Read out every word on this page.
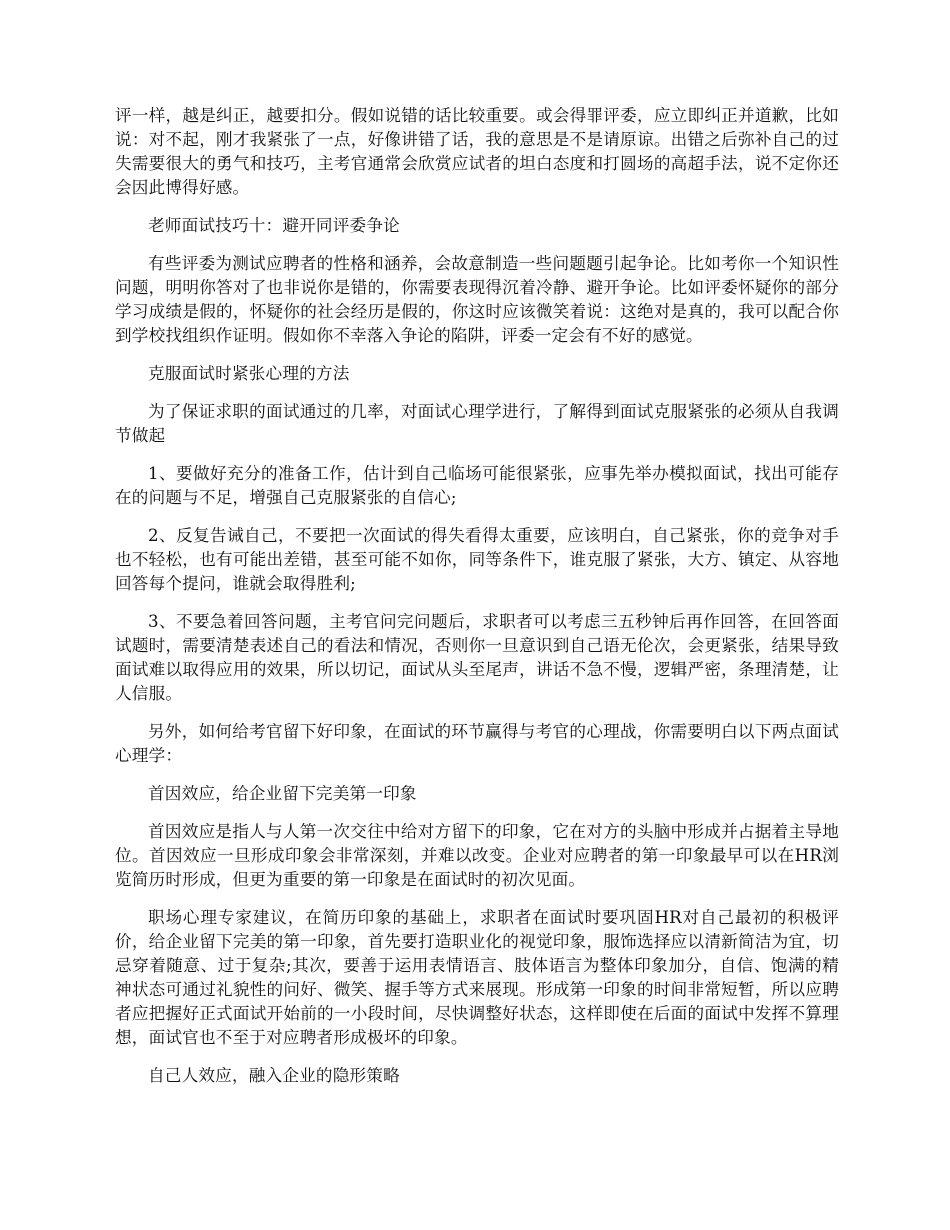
评一样，越是纠正，越要扣分。假如说错的话比较重要。或会得罪评委，应立即纠正并道歉，比如说：对不起，刚才我紧张了一点，好像讲错了话，我的意思是不是请原谅。出错之后弥补自己的过失需要很大的勇气和技巧，主考官通常会欣赏应试者的坦白态度和打圆场的高超手法，说不定你还会因此博得好感。

老师面试技巧十：避开同评委争论

有些评委为测试应聘者的性格和涵养，会故意制造一些问题题引起争论。比如考你一个知识性问题，明明你答对了也非说你是错的，你需要表现得沉着冷静、避开争论。比如评委怀疑你的部分学习成绩是假的，怀疑你的社会经历是假的，你这时应该微笑着说：这绝对是真的，我可以配合你到学校找组织作证明。假如你不幸落入争论的陷阱，评委一定会有不好的感觉。

克服面试时紧张心理的方法

为了保证求职的面试通过的几率，对面试心理学进行，了解得到面试克服紧张的必须从自我调节做起

1、要做好充分的准备工作，估计到自己临场可能很紧张，应事先举办模拟面试，找出可能存在的问题与不足，增强自己克服紧张的自信心;

2、反复告诫自己，不要把一次面试的得失看得太重要，应该明白，自己紧张，你的竞争对手也不轻松，也有可能出差错，甚至可能不如你，同等条件下，谁克服了紧张，大方、镇定、从容地回答每个提问，谁就会取得胜利;

3、不要急着回答问题，主考官问完问题后，求职者可以考虑三五秒钟后再作回答，在回答面试题时，需要清楚表述自己的看法和情况，否则你一旦意识到自己语无伦次，会更紧张，结果导致面试难以取得应用的效果，所以切记，面试从头至尾声，讲话不急不慢，逻辑严密，条理清楚，让人信服。

另外，如何给考官留下好印象，在面试的环节赢得与考官的心理战，你需要明白以下两点面试心理学：

首因效应，给企业留下完美第一印象

首因效应是指人与人第一次交往中给对方留下的印象，它在对方的头脑中形成并占据着主导地位。首因效应一旦形成印象会非常深刻，并难以改变。企业对应聘者的第一印象最早可以在HR浏览简历时形成，但更为重要的第一印象是在面试时的初次见面。

职场心理专家建议，在简历印象的基础上，求职者在面试时要巩固HR对自己最初的积极评价，给企业留下完美的第一印象，首先要打造职业化的视觉印象，服饰选择应以清新简洁为宜，切忌穿着随意、过于复杂;其次，要善于运用表情语言、肢体语言为整体印象加分，自信、饱满的精神状态可通过礼貌性的问好、微笑、握手等方式来展现。形成第一印象的时间非常短暂，所以应聘者应把握好正式面试开始前的一小段时间，尽快调整好状态，这样即使在后面的面试中发挥不算理想，面试官也不至于对应聘者形成极坏的印象。

自己人效应，融入企业的隐形策略
